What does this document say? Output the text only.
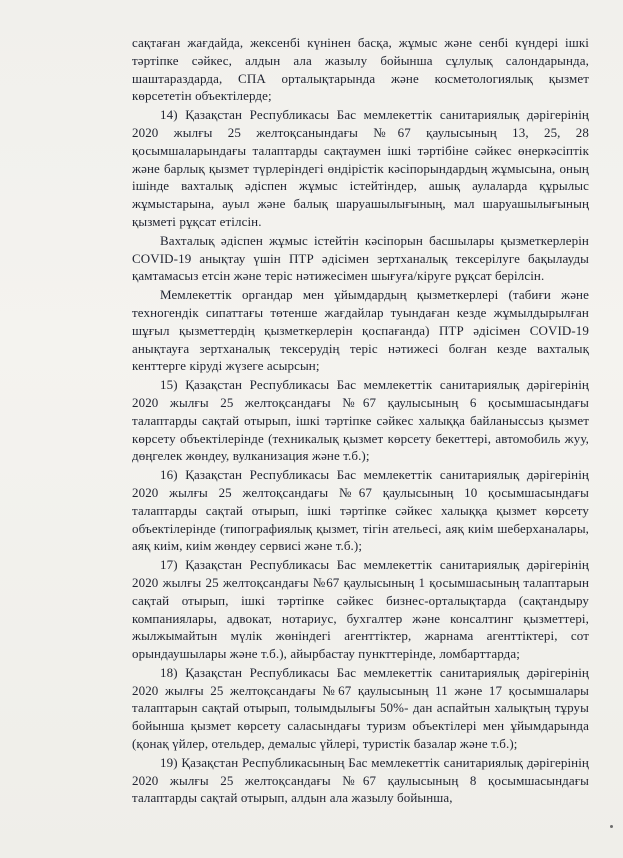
сақтаған жағдайда, жексенбі күнінен басқа, жұмыс және сенбі күндері ішкі тәртіпке сәйкес, алдын ала жазылу бойынша сұлулық салондарында, шаштараздарда, СПА орталықтарында және косметологиялық қызмет көрсететін объектілерде;

14) Қазақстан Республикасы Бас мемлекеттік санитариялық дәрігерінің 2020 жылғы 25 желтоқсанындағы №67 қаулысының 13, 25, 28 қосымшаларындағы талаптарды сақтаумен ішкі тәртібіне сәйкес өнеркәсіптік және барлық қызмет түрлеріндегі өндірістік кәсіпорындардың жұмысына, оның ішінде вахталық әдіспен жұмыс істейтіндер, ашық аулаларда құрылыс жұмыстарына, ауыл және балық шаруашылығының, мал шаруашылығының қызметі рұқсат етілсін.

Вахталық әдіспен жұмыс істейтін кәсіпорын басшылары қызметкерлерін COVID-19 анықтау үшін ПТР әдісімен зертханалық тексерілуге бақылауды қамтамасыз етсін және теріс нәтижесімен шығуға/кіруге рұқсат берілсін.

Мемлекеттік органдар мен ұйымдардың қызметкерлері (табиғи және техногендік сипаттағы төтенше жағдайлар туындаған кезде жұмылдырылған шұғыл қызметтердің қызметкерлерін қоспағанда) ПТР әдісімен COVID-19 анықтауға зертханалық тексерудің теріс нәтижесі болған кезде вахталық кенттерге кіруді жүзеге асырсын;

15) Қазақстан Республикасы Бас мемлекеттік санитариялық дәрігерінің 2020 жылғы 25 желтоқсандағы №67 қаулысының 6 қосымшасындағы талаптарды сақтай отырып, ішкі тәртіпке сәйкес халыққа байланыссыз қызмет көрсету объектілерінде (техникалық қызмет көрсету бекеттері, автомобиль жуу, дөңгелек жөндеу, вулканизация және т.б.);

16) Қазақстан Республикасы Бас мемлекеттік санитариялық дәрігерінің 2020 жылғы 25 желтоқсандағы №67 қаулысының 10 қосымшасындағы талаптарды сақтай отырып, ішкі тәртіпке сәйкес халыққа қызмет көрсету объектілерінде (типографиялық қызмет, тігін ательесі, аяқ киім шеберханалары, аяқ киім, киім жөндеу сервисі және т.б.);

17) Қазақстан Республикасы Бас мемлекеттік санитариялық дәрігерінің 2020 жылғы 25 желтоқсандағы №67 қаулысының 1 қосымшасының талаптарын сақтай отырып, ішкі тәртіпке сәйкес бизнес-орталықтарда (сақтандыру компаниялары, адвокат, нотариус, бухгалтер және консалтинг қызметтері, жылжымайтын мүлік жөніндегі агенттіктер, жарнама агенттіктері, сот орындаушылары және т.б.), айырбастау пункттерінде, ломбарттарда;

18) Қазақстан Республикасы Бас мемлекеттік санитариялық дәрігерінің 2020 жылғы 25 желтоқсандағы №67 қаулысының 11 және 17 қосымшалары талаптарын сақтай отырып, толымдылығы 50%- дан аспайтын халықтың тұруы бойынша қызмет көрсету саласындағы туризм объектілері мен ұйымдарында (қонақ үйлер, отельдер, демалыс үйлері, туристік базалар және т.б.);

19) Қазақстан Республикасының Бас мемлекеттік санитариялық дәрігерінің 2020 жылғы 25 желтоқсандағы №67 қаулысының 8 қосымшасындағы талаптарды сақтай отырып, алдын ала жазылу бойынша,
